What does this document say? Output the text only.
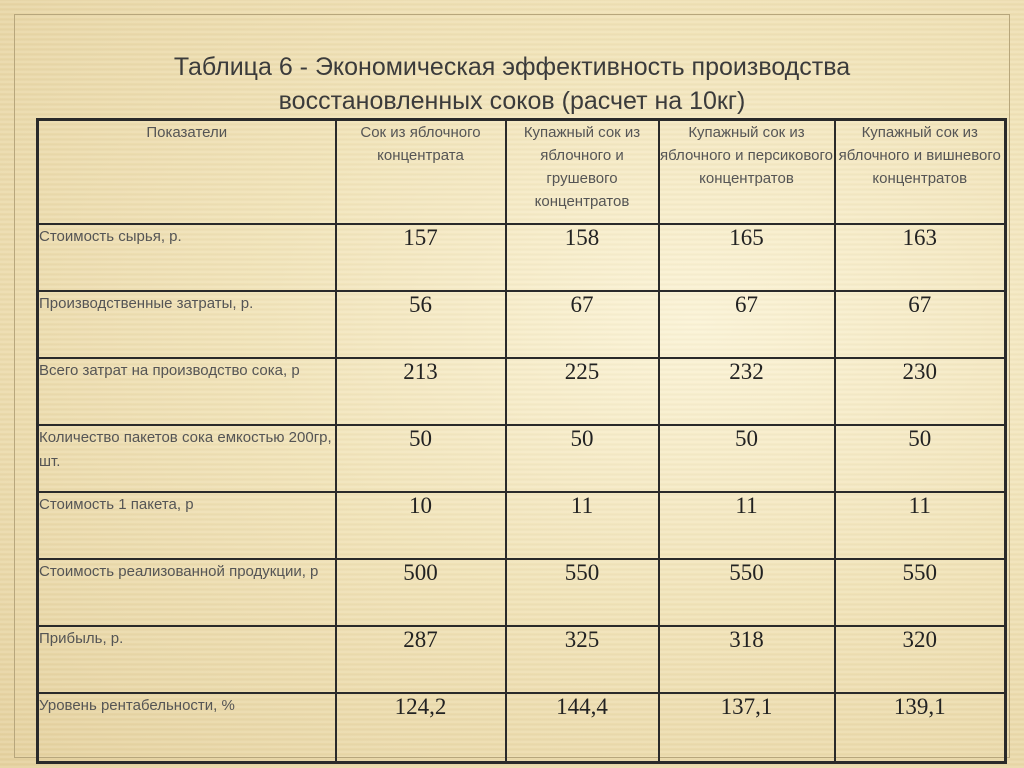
Таблица 6 - Экономическая эффективность производства
восстановленных соков (расчет на 10кг)
Показатели	Сок из яблочного концентрата	Купажный сок из яблочного и грушевого концентратов	Купажный сок из яблочного и персикового концентратов	Купажный сок из яблочного и вишневого концентратов
Стоимость сырья, р.	157	158	165	163
Производственные затраты, р.	56	67	67	67
Всего затрат на производство сока, р	213	225	232	230
Количество пакетов сока емкостью 200гр, шт.	50	50	50	50
Стоимость 1 пакета, р	10	11	11	11
Стоимость реализованной продукции, р	500	550	550	550
Прибыль, р.	287	325	318	320
Уровень рентабельности, %	124,2	144,4	137,1	139,1
